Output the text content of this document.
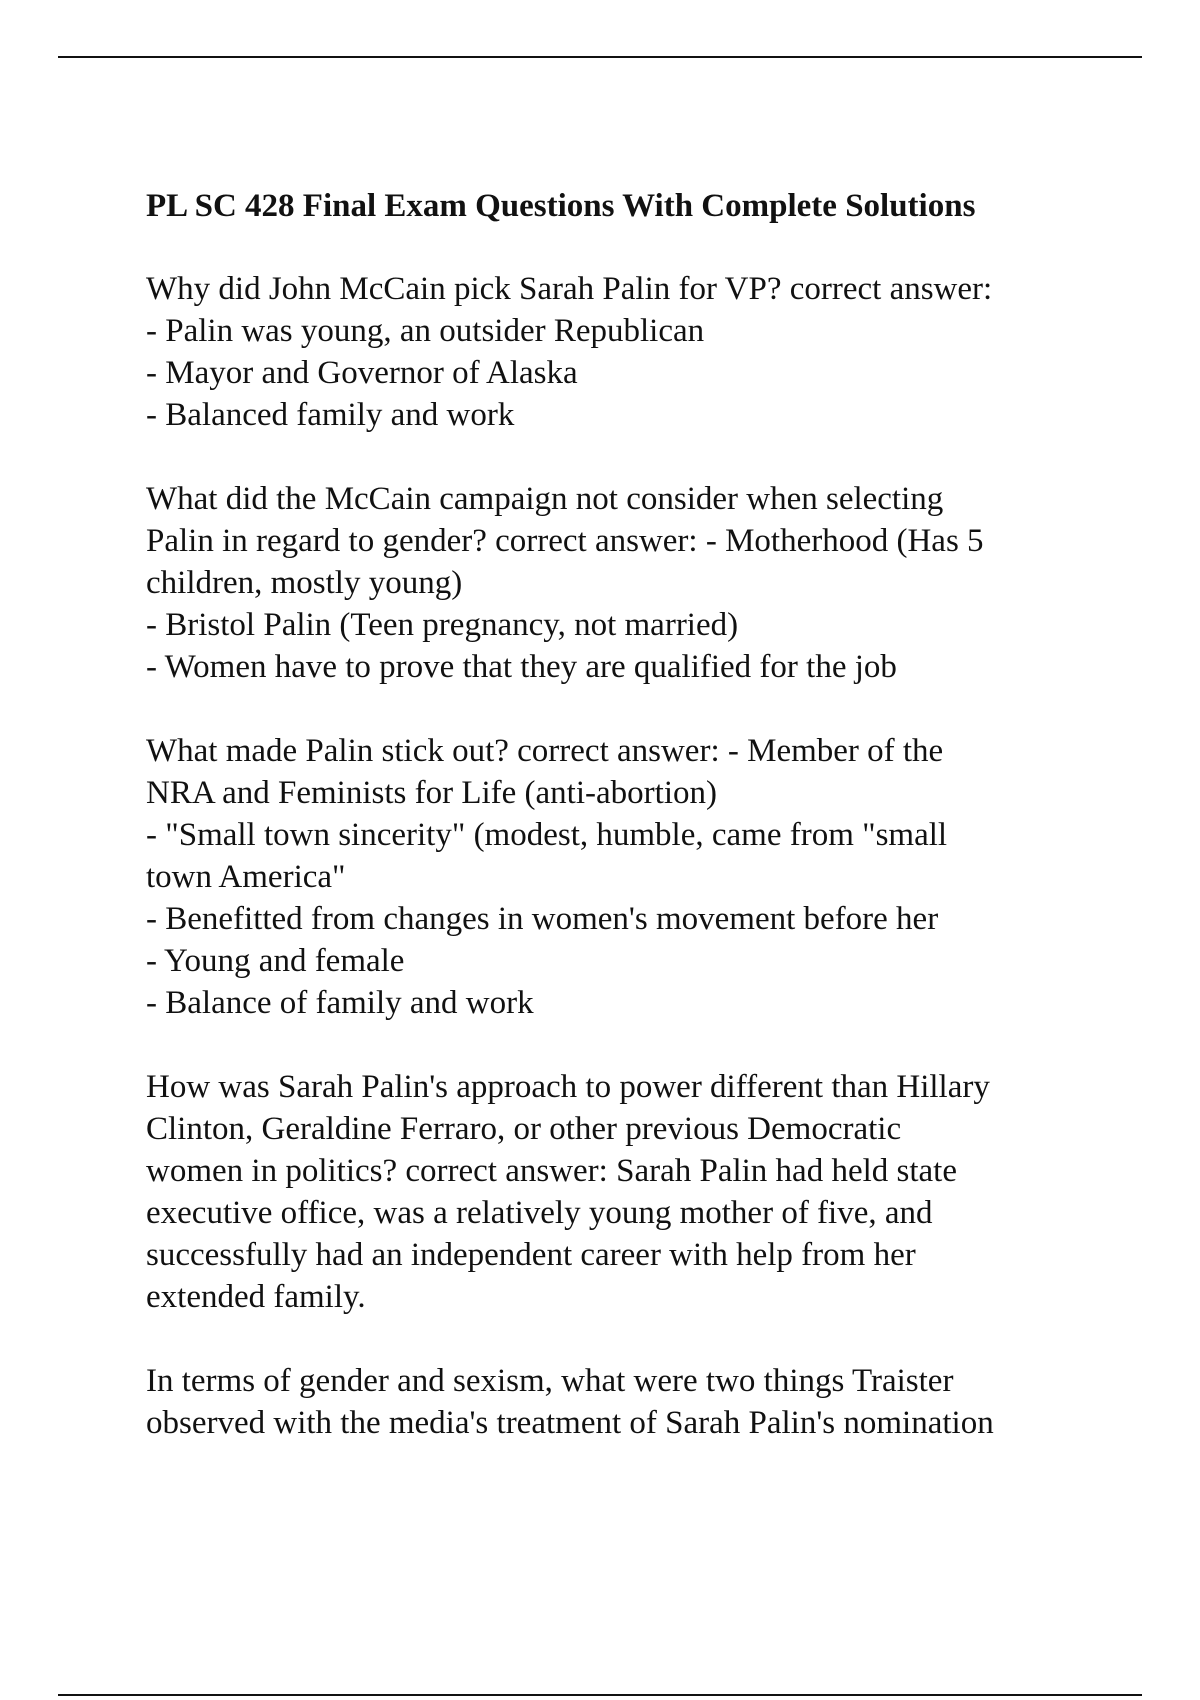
PL SC 428 Final Exam Questions With Complete Solutions
Why did John McCain pick Sarah Palin for VP? correct answer:
- Palin was young, an outsider Republican
- Mayor and Governor of Alaska
- Balanced family and work
What did the McCain campaign not consider when selecting
Palin in regard to gender? correct answer: - Motherhood (Has 5
children, mostly young)
- Bristol Palin (Teen pregnancy, not married)
- Women have to prove that they are qualified for the job
What made Palin stick out? correct answer: - Member of the
NRA and Feminists for Life (anti-abortion)
- "Small town sincerity" (modest, humble, came from "small
town America"
- Benefitted from changes in women's movement before her
- Young and female
- Balance of family and work
How was Sarah Palin's approach to power different than Hillary
Clinton, Geraldine Ferraro, or other previous Democratic
women in politics? correct answer: Sarah Palin had held state
executive office, was a relatively young mother of five, and
successfully had an independent career with help from her
extended family.
In terms of gender and sexism, what were two things Traister
observed with the media's treatment of Sarah Palin's nomination
